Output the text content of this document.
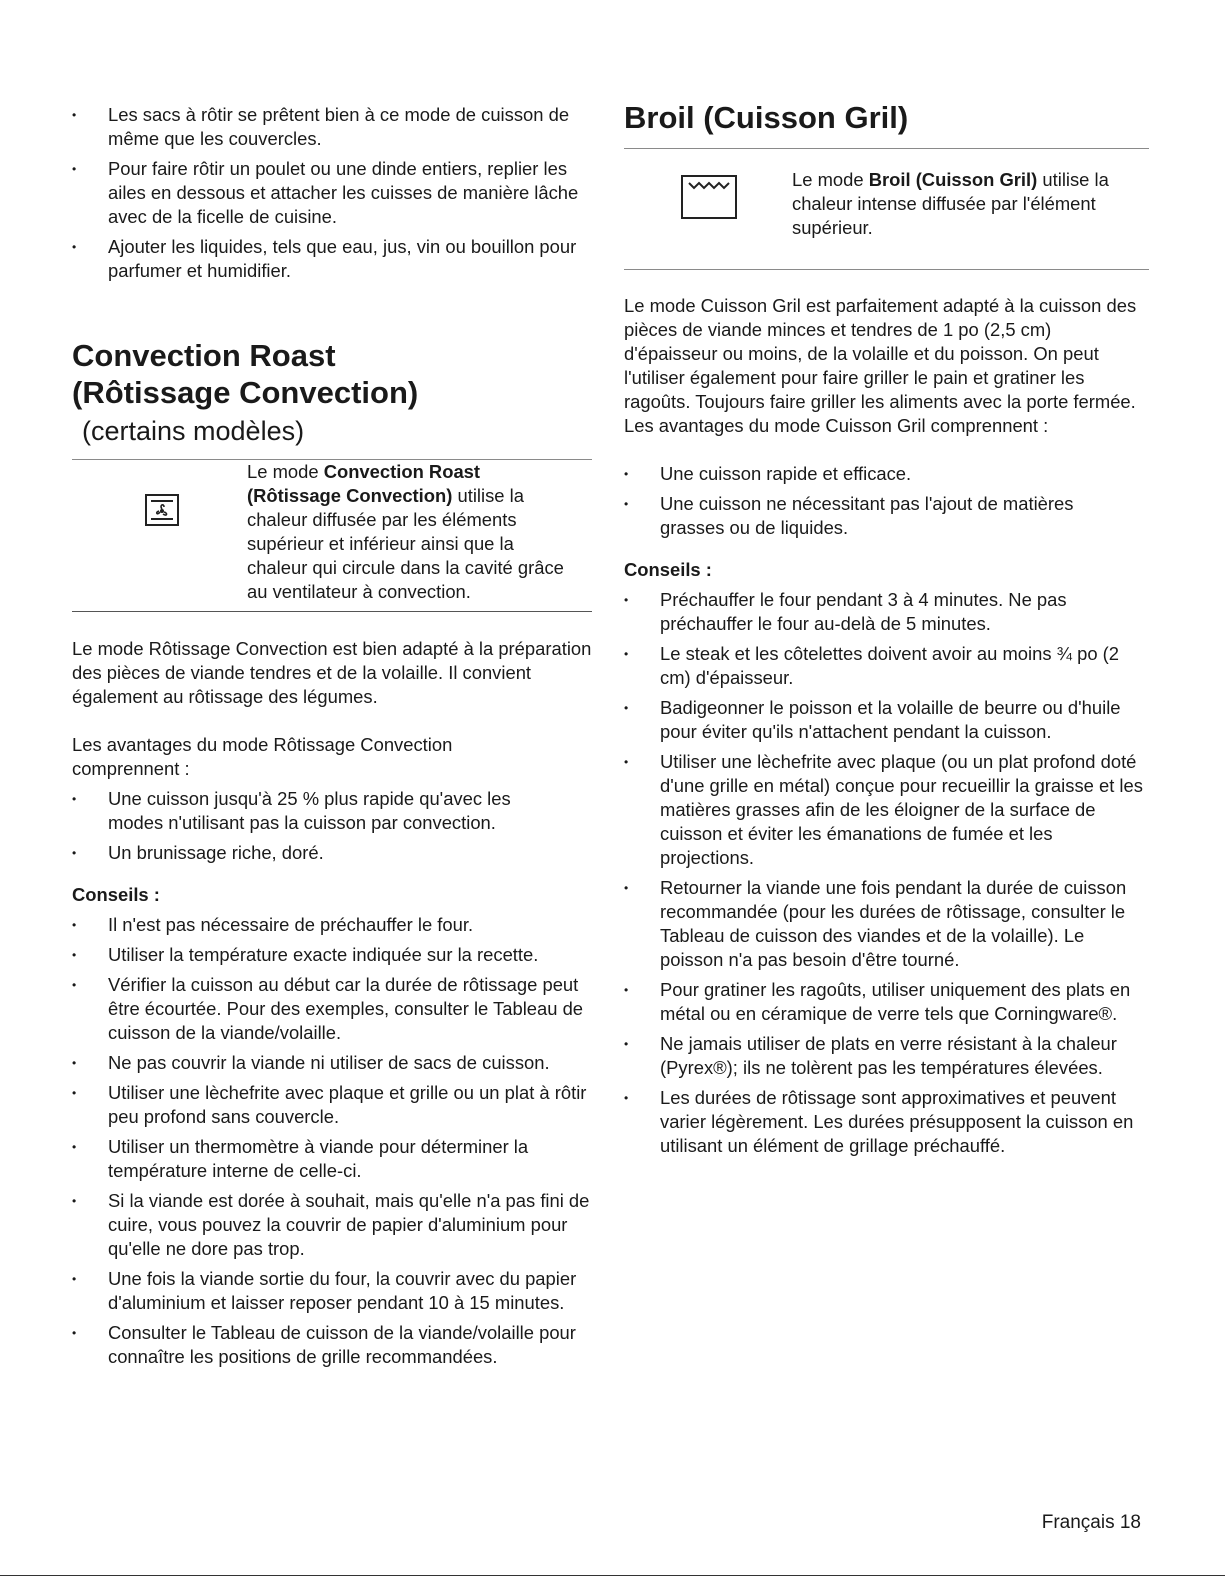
• Les sacs à rôtir se prêtent bien à ce mode de cuisson de même que les couvercles.
• Pour faire rôtir un poulet ou une dinde entiers, replier les ailes en dessous et attacher les cuisses de manière lâche avec de la ficelle de cuisine.
• Ajouter les liquides, tels que eau, jus, vin ou bouillon pour parfumer et humidifier.
Convection Roast
(Rôtissage Convection)
(certains modèles)
Le mode Convection Roast (Rôtissage Convection) utilise la chaleur diffusée par les éléments supérieur et inférieur ainsi que la chaleur qui circule dans la cavité grâce au ventilateur à convection.

Le mode Rôtissage Convection est bien adapté à la préparation des pièces de viande tendres et de la volaille. Il convient également au rôtissage des légumes.

Les avantages du mode Rôtissage Convection comprennent :

• Une cuisson jusqu'à 25 % plus rapide qu'avec les modes n'utilisant pas la cuisson par convection.
• Un brunissage riche, doré.

Conseils :

• Il n'est pas nécessaire de préchauffer le four.
• Utiliser la température exacte indiquée sur la recette.
• Vérifier la cuisson au début car la durée de rôtissage peut être écourtée. Pour des exemples, consulter le Tableau de cuisson de la viande/volaille.
• Ne pas couvrir la viande ni utiliser de sacs de cuisson.
• Utiliser une lèchefrite avec plaque et grille ou un plat à rôtir peu profond sans couvercle.
• Utiliser un thermomètre à viande pour déterminer la température interne de celle-ci.
• Si la viande est dorée à souhait, mais qu'elle n'a pas fini de cuire, vous pouvez la couvrir de papier d'aluminium pour qu'elle ne dore pas trop.
• Une fois la viande sortie du four, la couvrir avec du papier d'aluminium et laisser reposer pendant 10 à 15 minutes.
• Consulter le Tableau de cuisson de la viande/volaille pour connaître les positions de grille recommandées.
Broil (Cuisson Gril)
Le mode Broil (Cuisson Gril) utilise la chaleur intense diffusée par l'élément supérieur.

Le mode Cuisson Gril est parfaitement adapté à la cuisson des pièces de viande minces et tendres de 1 po (2,5 cm) d'épaisseur ou moins, de la volaille et du poisson. On peut l'utiliser également pour faire griller le pain et gratiner les ragoûts. Toujours faire griller les aliments avec la porte fermée. Les avantages du mode Cuisson Gril comprennent :

• Une cuisson rapide et efficace.
• Une cuisson ne nécessitant pas l'ajout de matières grasses ou de liquides.

Conseils :

• Préchauffer le four pendant 3 à 4 minutes. Ne pas préchauffer le four au-delà de 5 minutes.
• Le steak et les côtelettes doivent avoir au moins ¾ po (2 cm) d'épaisseur.
• Badigeonner le poisson et la volaille de beurre ou d'huile pour éviter qu'ils n'attachent pendant la cuisson.
• Utiliser une lèchefrite avec plaque (ou un plat profond doté d'une grille en métal) conçue pour recueillir la graisse et les matières grasses afin de les éloigner de la surface de cuisson et éviter les émanations de fumée et les projections.
• Retourner la viande une fois pendant la durée de cuisson recommandée (pour les durées de rôtissage, consulter le Tableau de cuisson des viandes et de la volaille). Le poisson n'a pas besoin d'être tourné.
• Pour gratiner les ragoûts, utiliser uniquement des plats en métal ou en céramique de verre tels que Corningware®.
• Ne jamais utiliser de plats en verre résistant à la chaleur (Pyrex®); ils ne tolèrent pas les températures élevées.
• Les durées de rôtissage sont approximatives et peuvent varier légèrement. Les durées présupposent la cuisson en utilisant un élément de grillage préchauffé.
Français 18
